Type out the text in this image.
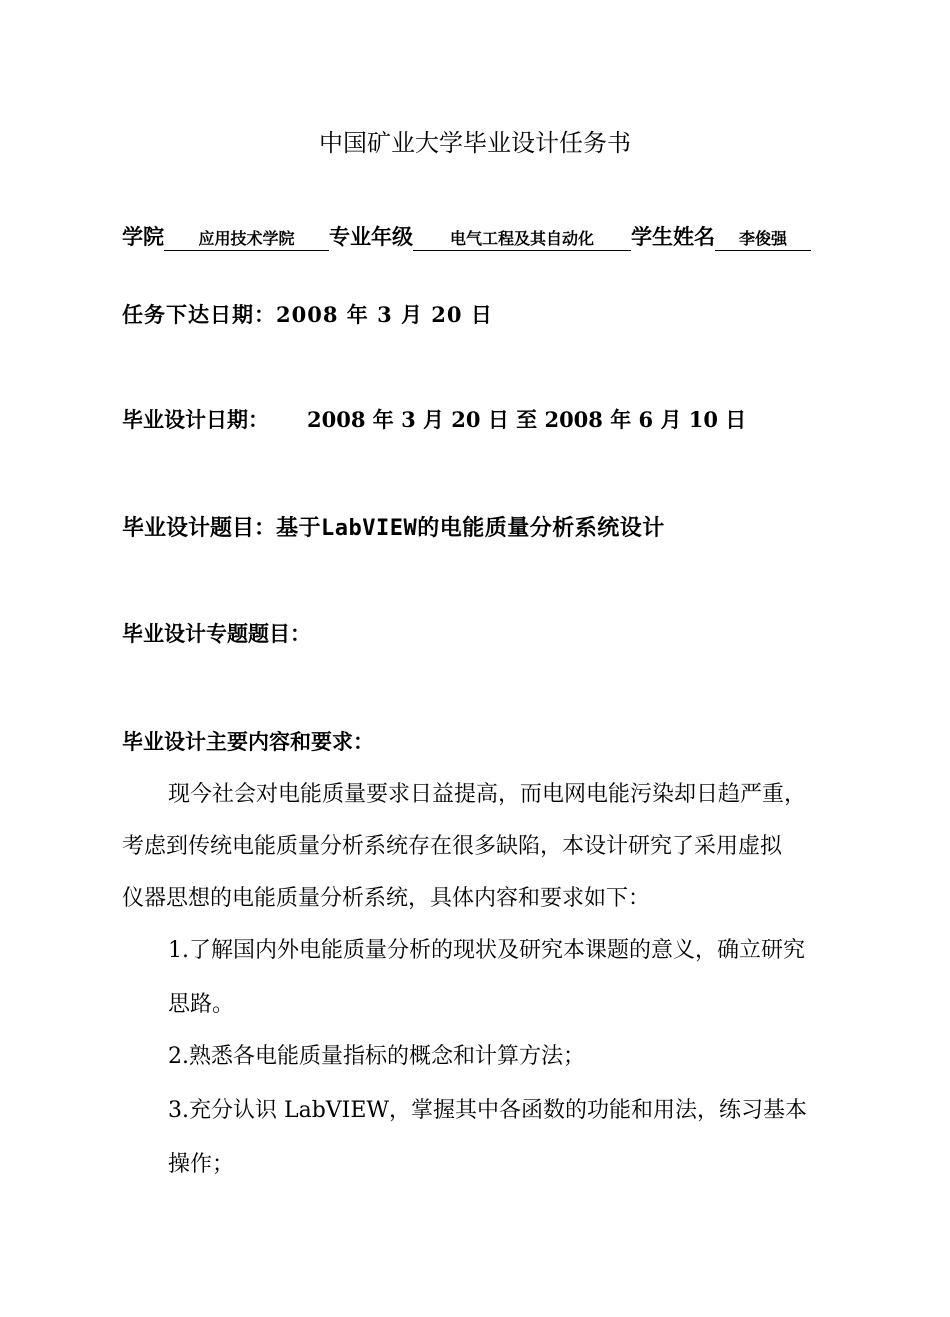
中国矿业大学毕业设计任务书
学院 应用技术学院 专业年级 电气工程及其自动化 学生姓名 李俊强
任务下达日期：2008 年 3 月 20 日
毕业设计日期： 2008 年 3 月 20 日 至 2008 年 6 月 10 日
毕业设计题目：基于LabVIEW的电能质量分析系统设计
毕业设计专题题目：
毕业设计主要内容和要求：
现今社会对电能质量要求日益提高，而电网电能污染却日趋严重，
考虑到传统电能质量分析系统存在很多缺陷，本设计研究了采用虚拟
仪器思想的电能质量分析系统，具体内容和要求如下：
1.了解国内外电能质量分析的现状及研究本课题的意义，确立研究
思路。
2.熟悉各电能质量指标的概念和计算方法；
3.充分认识 LabVIEW，掌握其中各函数的功能和用法，练习基本
操作；
